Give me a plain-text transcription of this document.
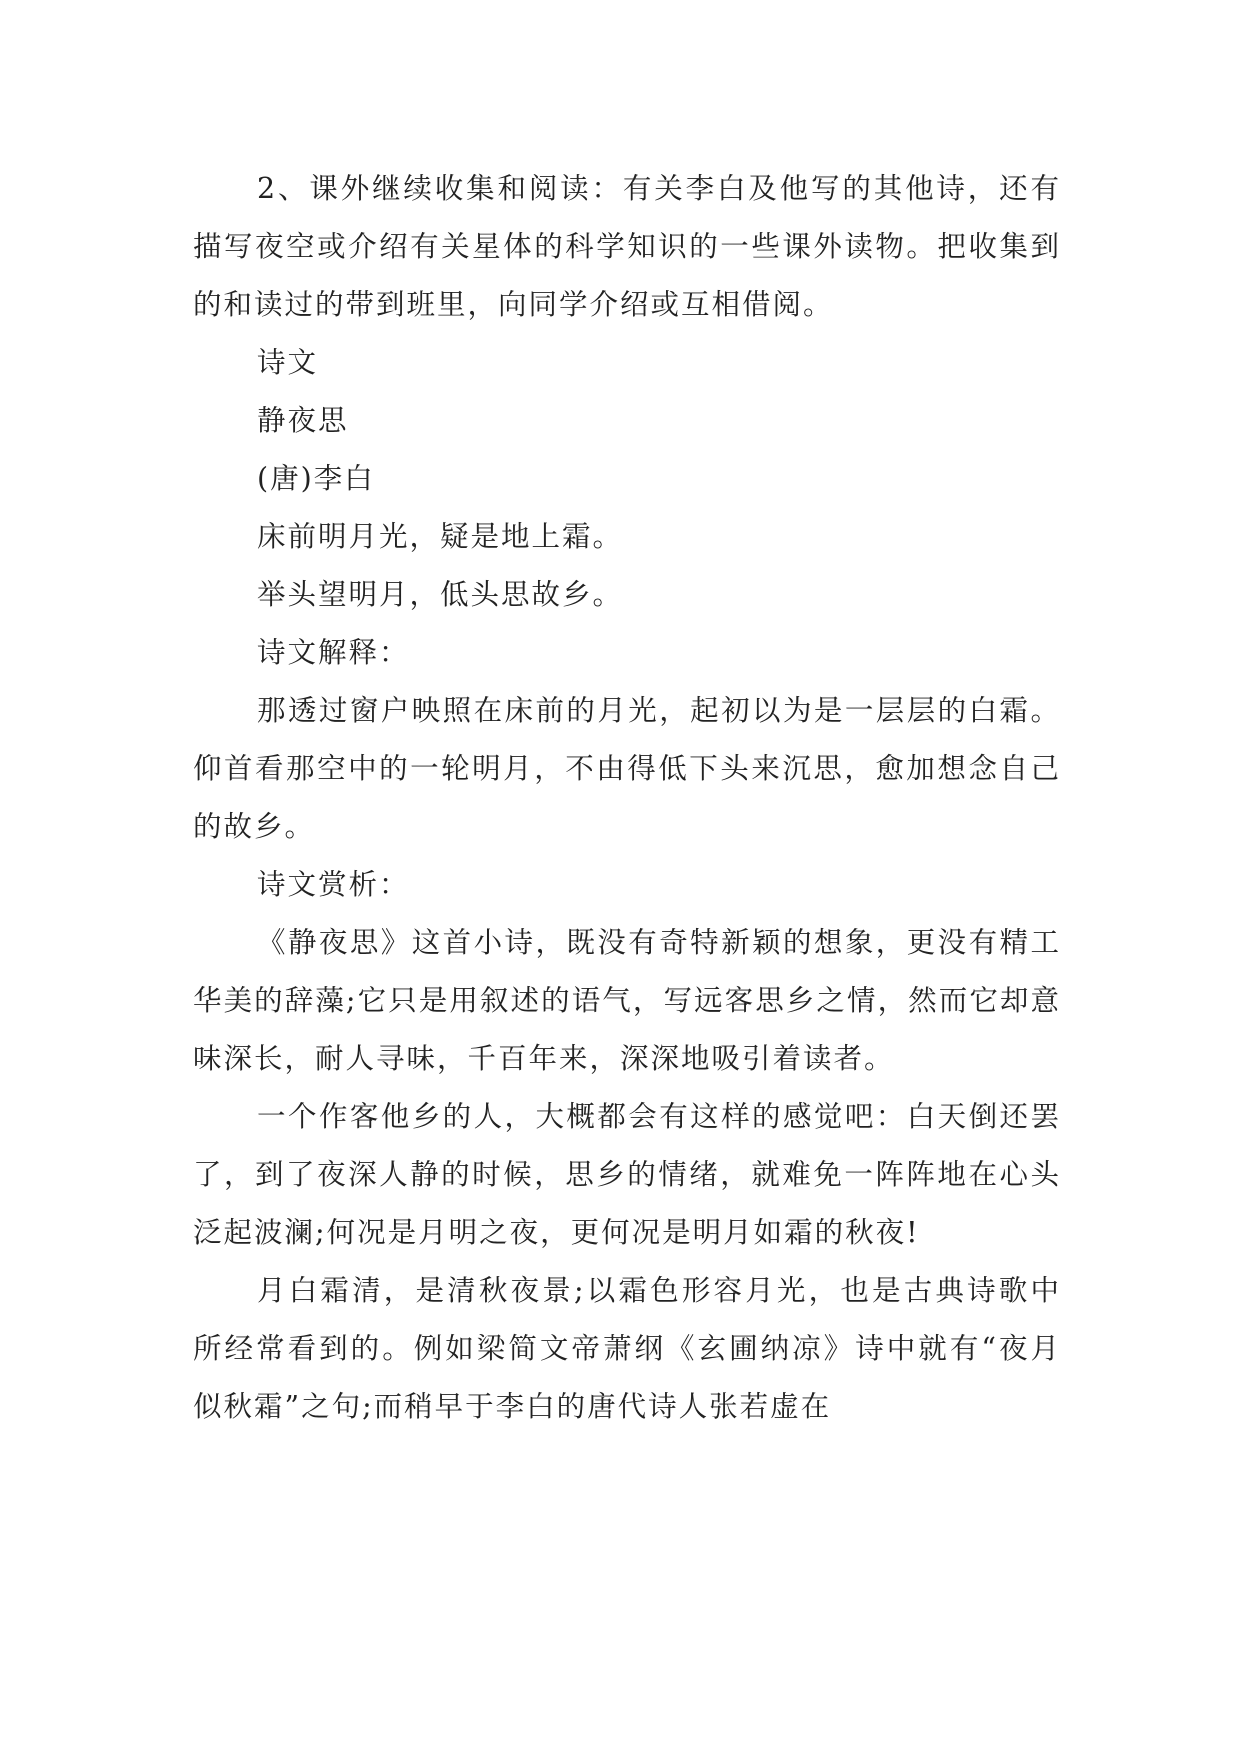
2、课外继续收集和阅读：有关李白及他写的其他诗，还有描写夜空或介绍有关星体的科学知识的一些课外读物。把收集到的和读过的带到班里，向同学介绍或互相借阅。

诗文

静夜思

(唐)李白

床前明月光，疑是地上霜。

举头望明月，低头思故乡。

诗文解释：

那透过窗户映照在床前的月光，起初以为是一层层的白霜。仰首看那空中的一轮明月，不由得低下头来沉思，愈加想念自己的故乡。

诗文赏析：

《静夜思》这首小诗，既没有奇特新颖的想象，更没有精工华美的辞藻;它只是用叙述的语气，写远客思乡之情，然而它却意味深长，耐人寻味，千百年来，深深地吸引着读者。

一个作客他乡的人，大概都会有这样的感觉吧：白天倒还罢了，到了夜深人静的时候，思乡的情绪，就难免一阵阵地在心头泛起波澜;何况是月明之夜，更何况是明月如霜的秋夜!

月白霜清，是清秋夜景;以霜色形容月光，也是古典诗歌中所经常看到的。例如梁简文帝萧纲《玄圃纳凉》诗中就有“夜月似秋霜”之句;而稍早于李白的唐代诗人张若虚在
